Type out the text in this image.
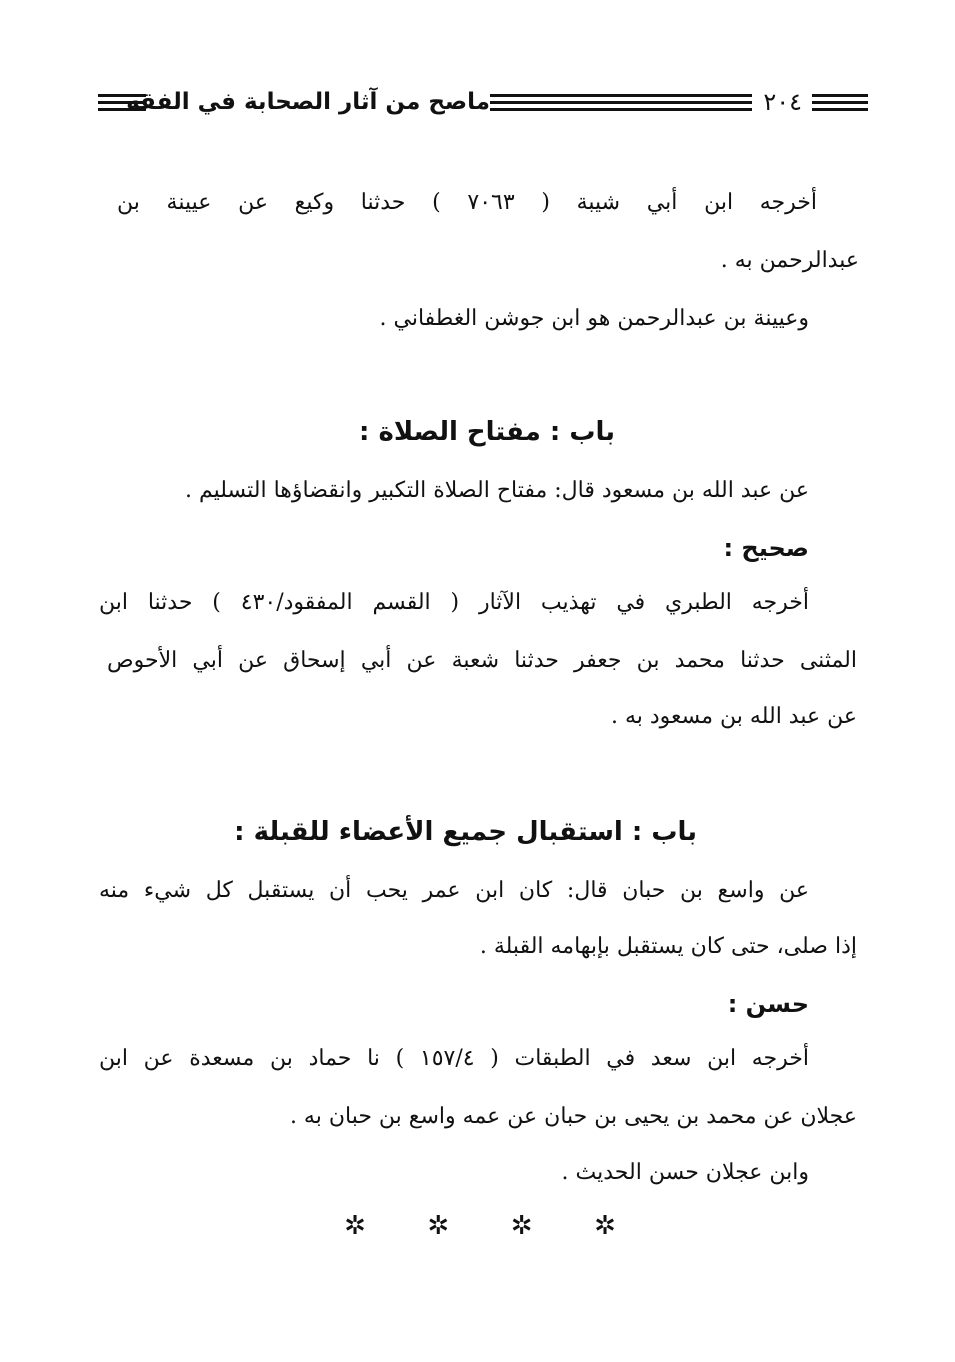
٢٠٤
ماصح من آثار الصحابة في الفقه
أخرجه ابن أبي شيبة ( ٧٠٦٣ ) حدثنا وكيع عن عيينة بن
عبدالرحمن به .
وعيينة بن عبدالرحمن هو ابن جوشن الغطفاني .
باب : مفتاح الصلاة :
عن عبد الله بن مسعود قال: مفتاح الصلاة التكبير وانقضاؤها التسليم .
صحيح :
أخرجه الطبري في تهذيب الآثار ( القسم المفقود/٤٣٠ ) حدثنا ابن
المثنى حدثنا محمد بن جعفر حدثنا شعبة عن أبي إسحاق عن أبي الأحوص
عن عبد الله بن مسعود به .
باب : استقبال جميع الأعضاء للقبلة :
عن واسع بن حبان قال: كان ابن عمر يحب أن يستقبل كل شيء منه
إذا صلى، حتى كان يستقبل بإبهامه القبلة .
حسن :
أخرجه ابن سعد في الطبقات ( ١٥٧/٤ ) نا حماد بن مسعدة عن ابن
عجلان عن محمد بن يحيى بن حبان عن عمه واسع بن حبان به .
وابن عجلان حسن الحديث .
✲ ✲ ✲ ✲
